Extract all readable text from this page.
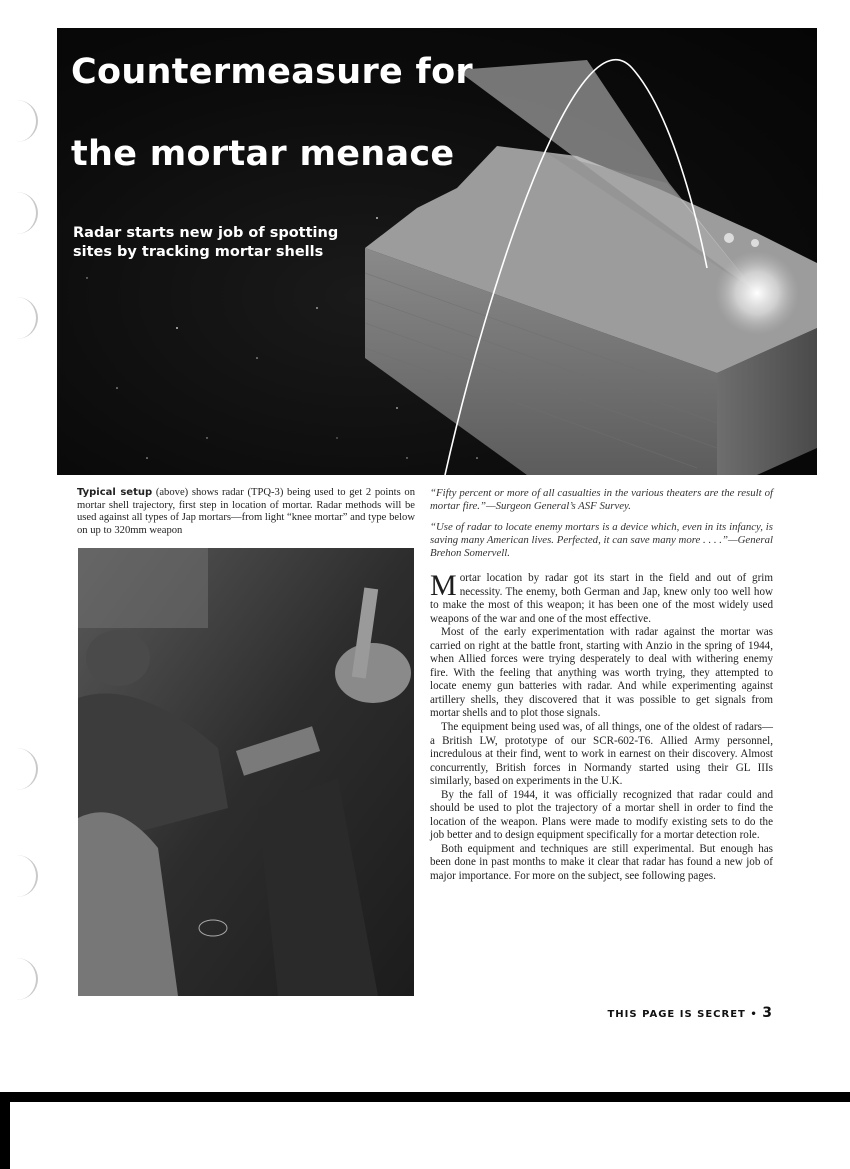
Countermeasure for
the mortar menace

Radar starts new job of spotting sites by tracking mortar shells

Typical setup (above) shows radar (TPQ-3) being used to get 2 points on mortar shell trajectory, first step in location of mortar. Radar methods will be used against all types of Jap mortars—from light “knee mortar” and type below on up to 320mm weapon

“Fifty percent or more of all casualties in the various theaters are the result of mortar fire.”—Surgeon General’s ASF Survey.

“Use of radar to locate enemy mortars is a device which, even in its infancy, is saving many American lives. Perfected, it can save many more . . . .”—General Brehon Somervell.

Mortar location by radar got its start in the field and out of grim necessity. The enemy, both German and Jap, knew only too well how to make the most of this weapon; it has been one of the most widely used weapons of the war and one of the most effective.

Most of the early experimentation with radar against the mortar was carried on right at the battle front, starting with Anzio in the spring of 1944, when Allied forces were trying desperately to deal with withering enemy fire. With the feeling that anything was worth trying, they attempted to locate enemy gun batteries with radar. And while experimenting against artillery shells, they discovered that it was possible to get signals from mortar shells and to plot those signals.

The equipment being used was, of all things, one of the oldest of radars—a British LW, prototype of our SCR-602-T6. Allied Army personnel, incredulous at their find, went to work in earnest on their discovery. Almost concurrently, British forces in Normandy started using their GL IIIs similarly, based on experiments in the U.K.

By the fall of 1944, it was officially recognized that radar could and should be used to plot the trajectory of a mortar shell in order to find the location of the weapon. Plans were made to modify existing sets to do the job better and to design equipment specifically for a mortar detection role.

Both equipment and techniques are still experimental. But enough has been done in past months to make it clear that radar has found a new job of major importance. For more on the subject, see following pages.

THIS PAGE IS SECRET • 3
